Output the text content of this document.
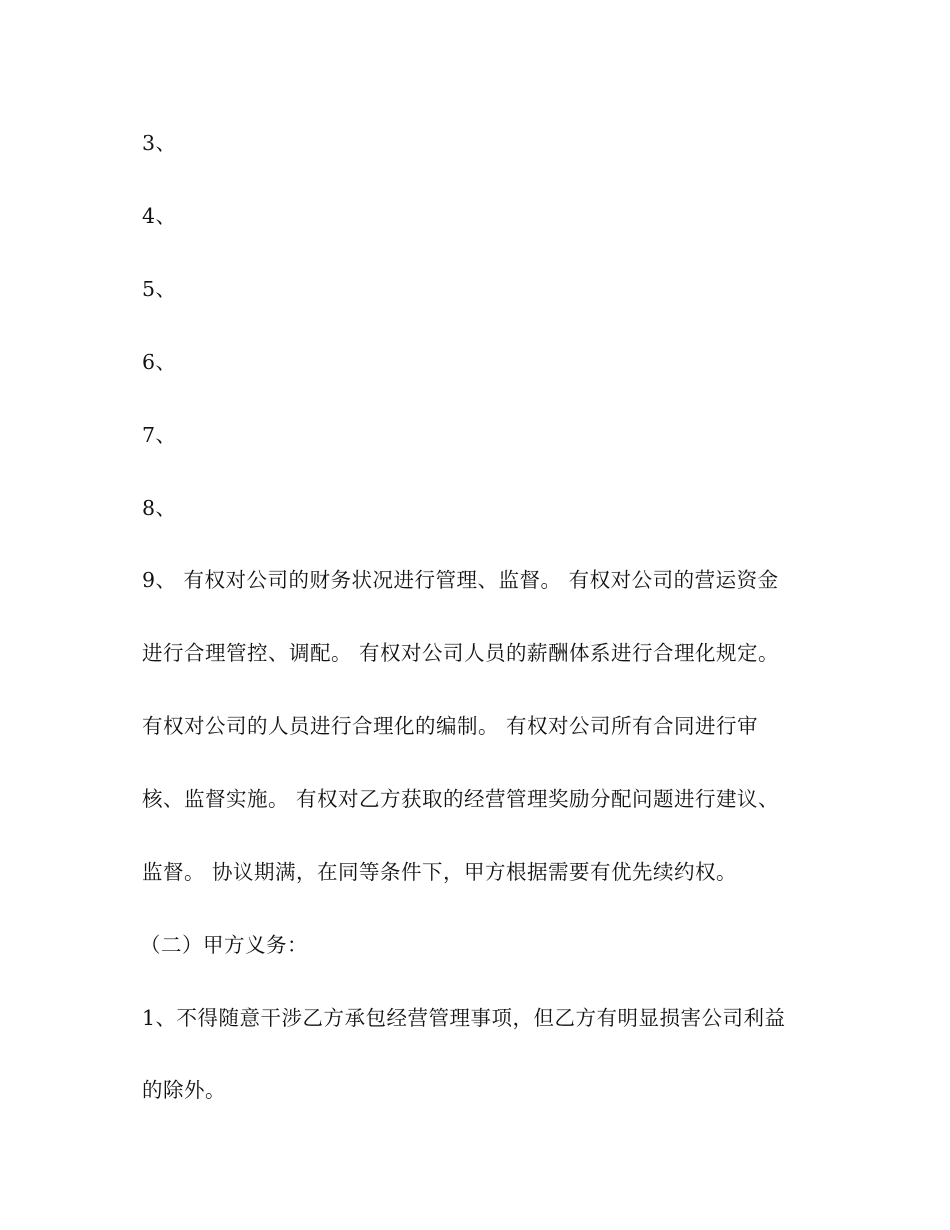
3、
4、
5、
6、
7、
8、
9、 有权对公司的财务状况进行管理、监督。 有权对公司的营运资金
进行合理管控、调配。 有权对公司人员的薪酬体系进行合理化规定。
有权对公司的人员进行合理化的编制。 有权对公司所有合同进行审
核、监督实施。 有权对乙方获取的经营管理奖励分配问题进行建议、
监督。 协议期满，在同等条件下，甲方根据需要有优先续约权。
（二）甲方义务：
1、不得随意干涉乙方承包经营管理事项，但乙方有明显损害公司利益
的除外。
